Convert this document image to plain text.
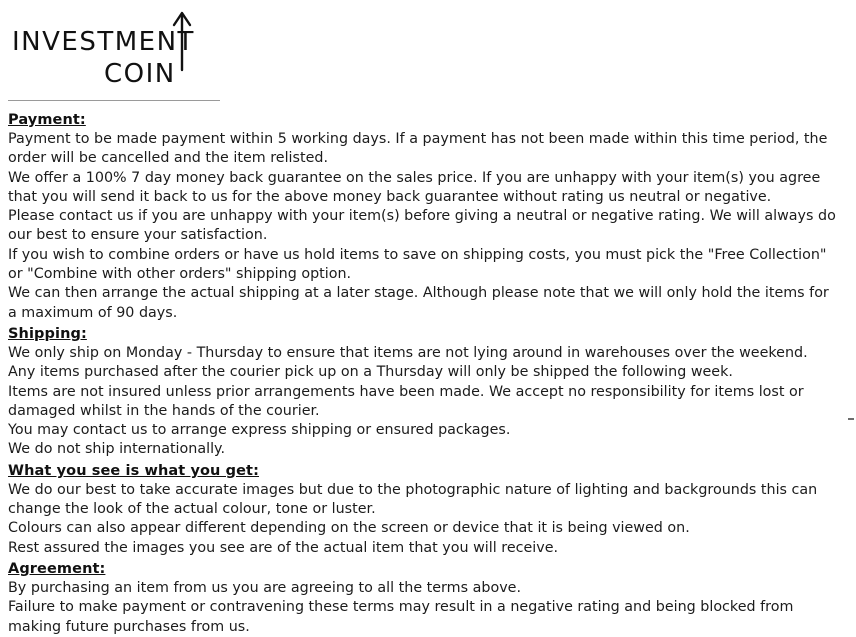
INVESTMENT
COIN
Payment:

Payment to be made payment within 5 working days. If a payment has not been made within this time period, the order will be cancelled and the item relisted.

We offer a 100% 7 day money back guarantee on the sales price. If you are unhappy with your item(s) you agree that you will send it back to us for the above money back guarantee without rating us neutral or negative.

Please contact us if you are unhappy with your item(s) before giving a neutral or negative rating. We will always do our best to ensure your satisfaction.

If you wish to combine orders or have us hold items to save on shipping costs, you must pick the "Free Collection" or "Combine with other orders" shipping option.

We can then arrange the actual shipping at a later stage. Although please note that we will only hold the items for a maximum of 90 days.

Shipping:

We only ship on Monday - Thursday to ensure that items are not lying around in warehouses over the weekend.

Any items purchased after the courier pick up on a Thursday will only be shipped the following week.

Items are not insured unless prior arrangements have been made. We accept no responsibility for items lost or damaged whilst in the hands of the courier.

You may contact us to arrange express shipping or ensured packages.

We do not ship internationally.

What you see is what you get:

We do our best to take accurate images but due to the photographic nature of lighting and backgrounds this can change the look of the actual colour, tone or luster.

Colours can also appear different depending on the screen or device that it is being viewed on.

Rest assured the images you see are of the actual item that you will receive.

Agreement:

By purchasing an item from us you are agreeing to all the terms above.

Failure to make payment or contravening these terms may result in a negative rating and being blocked from making future purchases from us.
